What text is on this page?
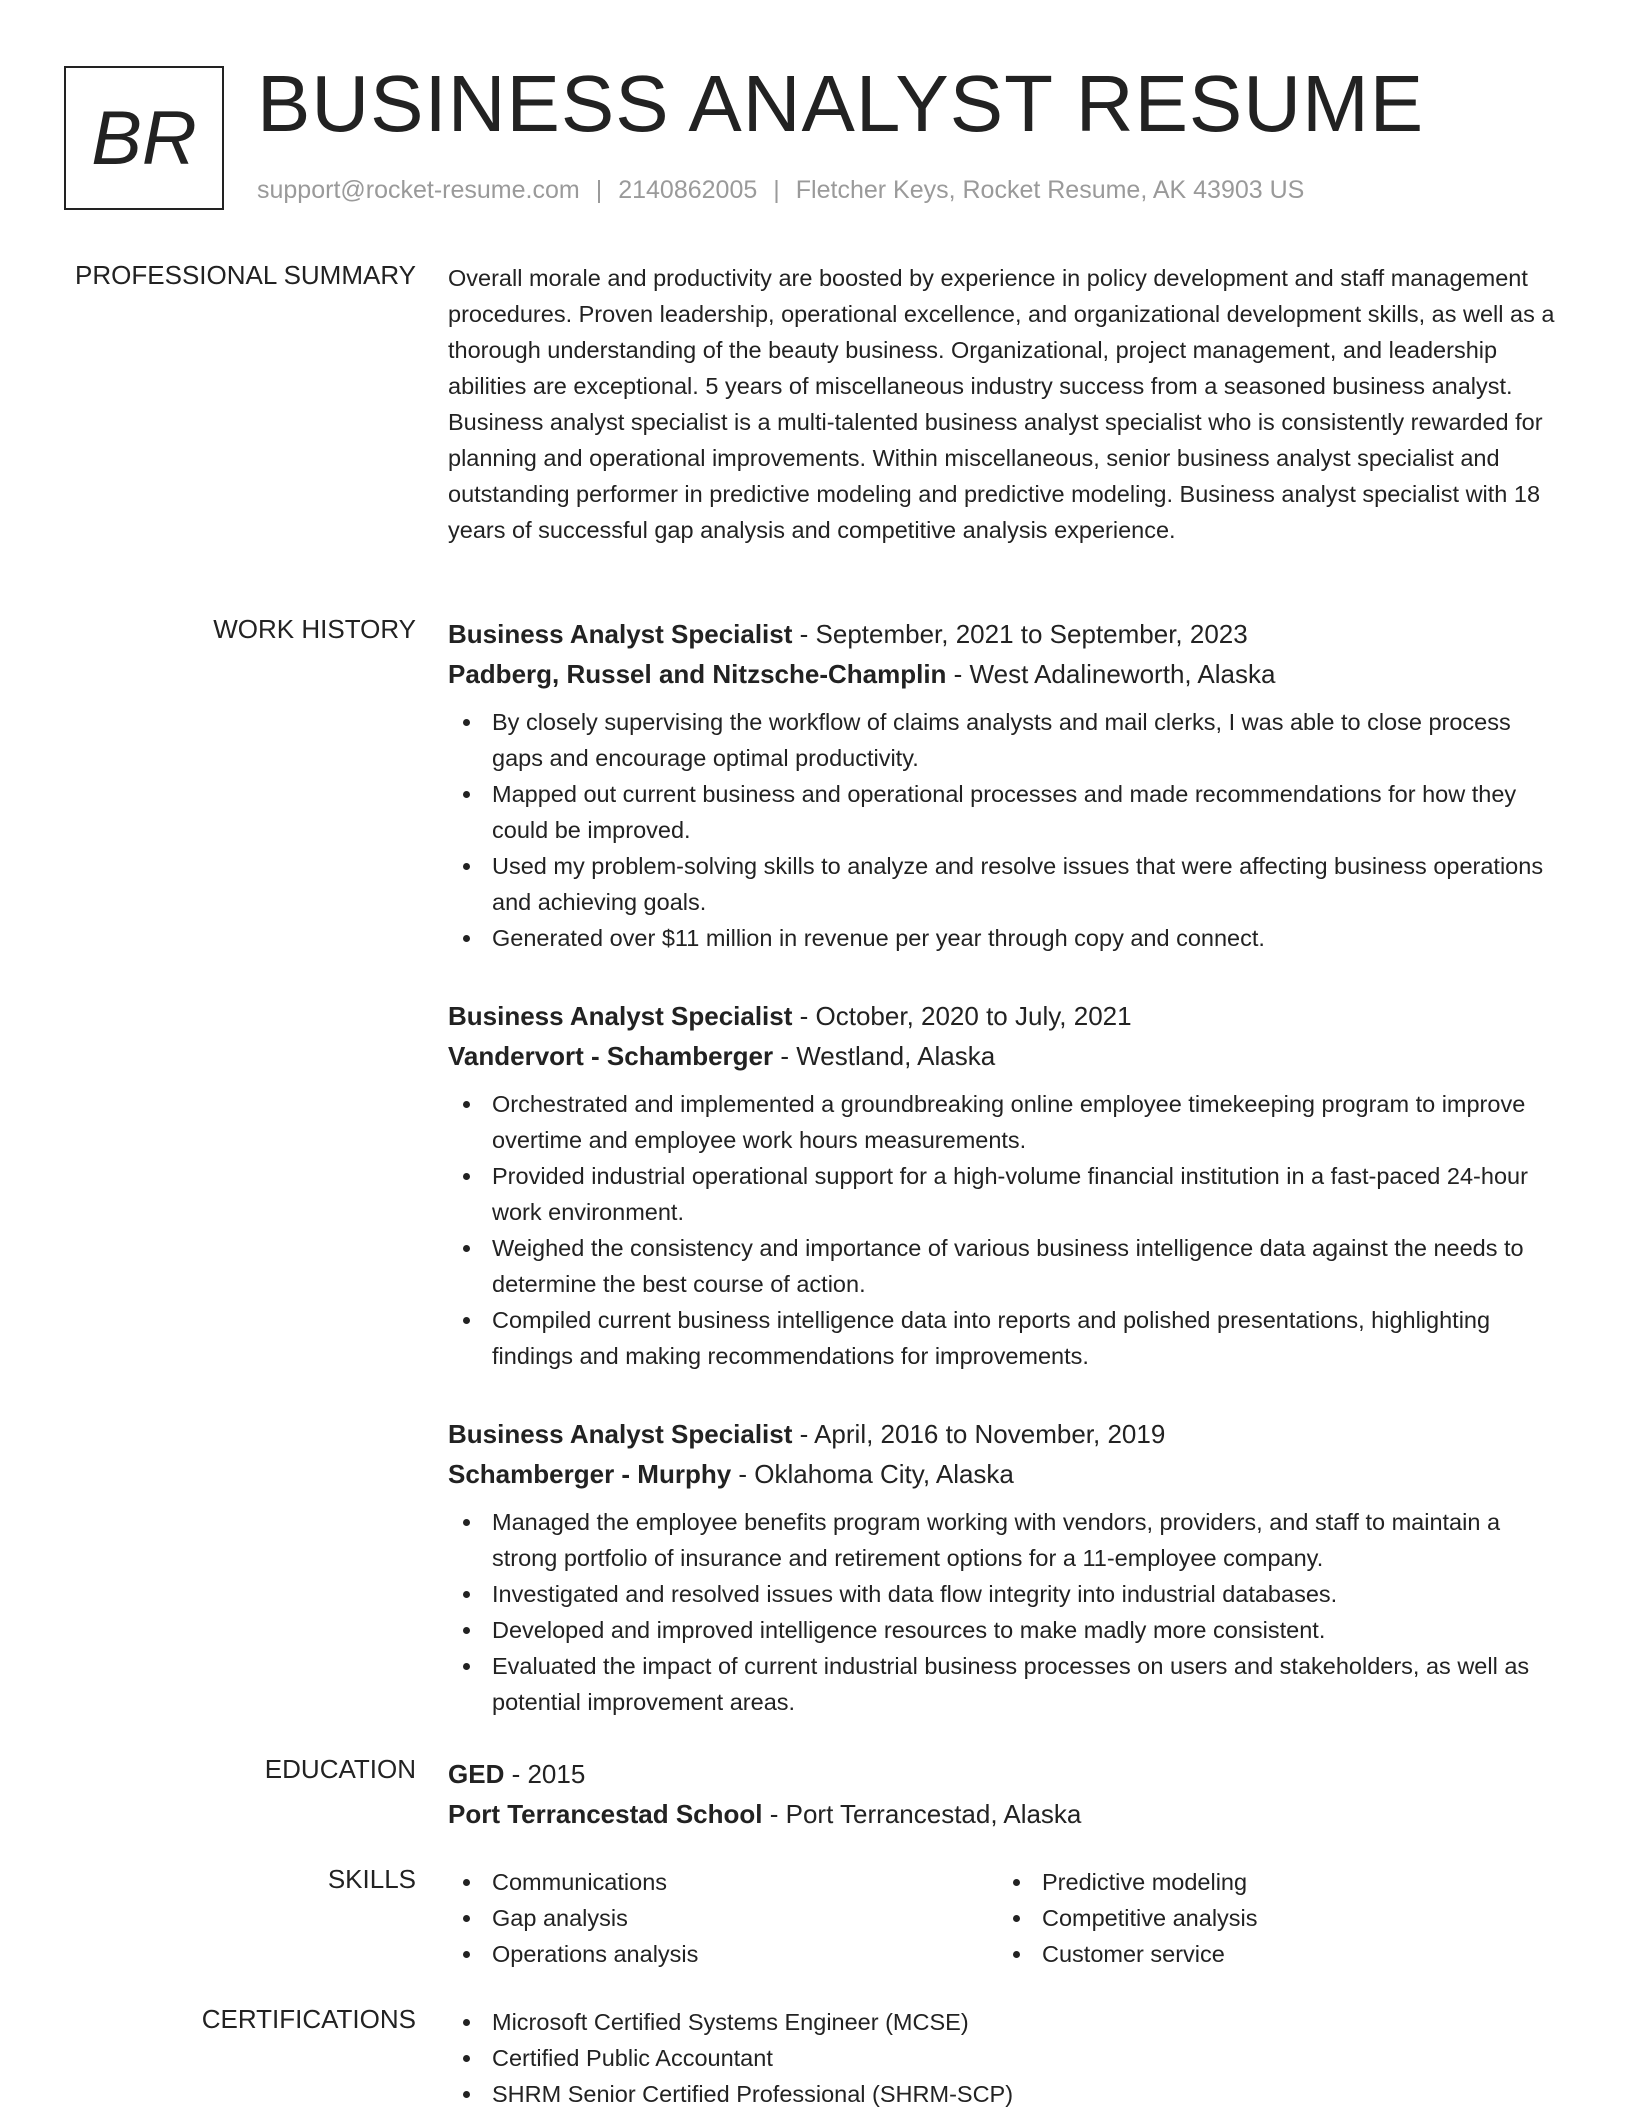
BR BUSINESS ANALYST RESUME
support@rocket-resume.com | 2140862005 | Fletcher Keys, Rocket Resume, AK 43903 US
PROFESSIONAL SUMMARY Overall morale and productivity are boosted by experience in policy development and staff management procedures. Proven leadership, operational excellence, and organizational development skills, as well as a thorough understanding of the beauty business. Organizational, project management, and leadership abilities are exceptional. 5 years of miscellaneous industry success from a seasoned business analyst. Business analyst specialist is a multi-talented business analyst specialist who is consistently rewarded for planning and operational improvements. Within miscellaneous, senior business analyst specialist and outstanding performer in predictive modeling and predictive modeling. Business analyst specialist with 18 years of successful gap analysis and competitive analysis experience.

WORK HISTORY Business Analyst Specialist - September, 2021 to September, 2023
Padberg, Russel and Nitzsche-Champlin - West Adalineworth, Alaska
By closely supervising the workflow of claims analysts and mail clerks, I was able to close process gaps and encourage optimal productivity.
Mapped out current business and operational processes and made recommendations for how they could be improved.
Used my problem-solving skills to analyze and resolve issues that were affecting business operations and achieving goals.
Generated over $11 million in revenue per year through copy and connect.
Business Analyst Specialist - October, 2020 to July, 2021
Vandervort - Schamberger - Westland, Alaska
Orchestrated and implemented a groundbreaking online employee timekeeping program to improve overtime and employee work hours measurements.
Provided industrial operational support for a high-volume financial institution in a fast-paced 24-hour work environment.
Weighed the consistency and importance of various business intelligence data against the needs to determine the best course of action.
Compiled current business intelligence data into reports and polished presentations, highlighting findings and making recommendations for improvements.
Business Analyst Specialist - April, 2016 to November, 2019
Schamberger - Murphy - Oklahoma City, Alaska
Managed the employee benefits program working with vendors, providers, and staff to maintain a strong portfolio of insurance and retirement options for a 11-employee company.
Investigated and resolved issues with data flow integrity into industrial databases.
Developed and improved intelligence resources to make madly more consistent.
Evaluated the impact of current industrial business processes on users and stakeholders, as well as potential improvement areas.
EDUCATION GED - 2015
Port Terrancestad School - Port Terrancestad, Alaska
SKILLS	Communications
Gap analysis
Operations analysis
Predictive modeling
Competitive analysis
Customer service
CERTIFICATIONS	Microsoft Certified Systems Engineer (MCSE)
Certified Public Accountant
SHRM Senior Certified Professional (SHRM-SCP)
